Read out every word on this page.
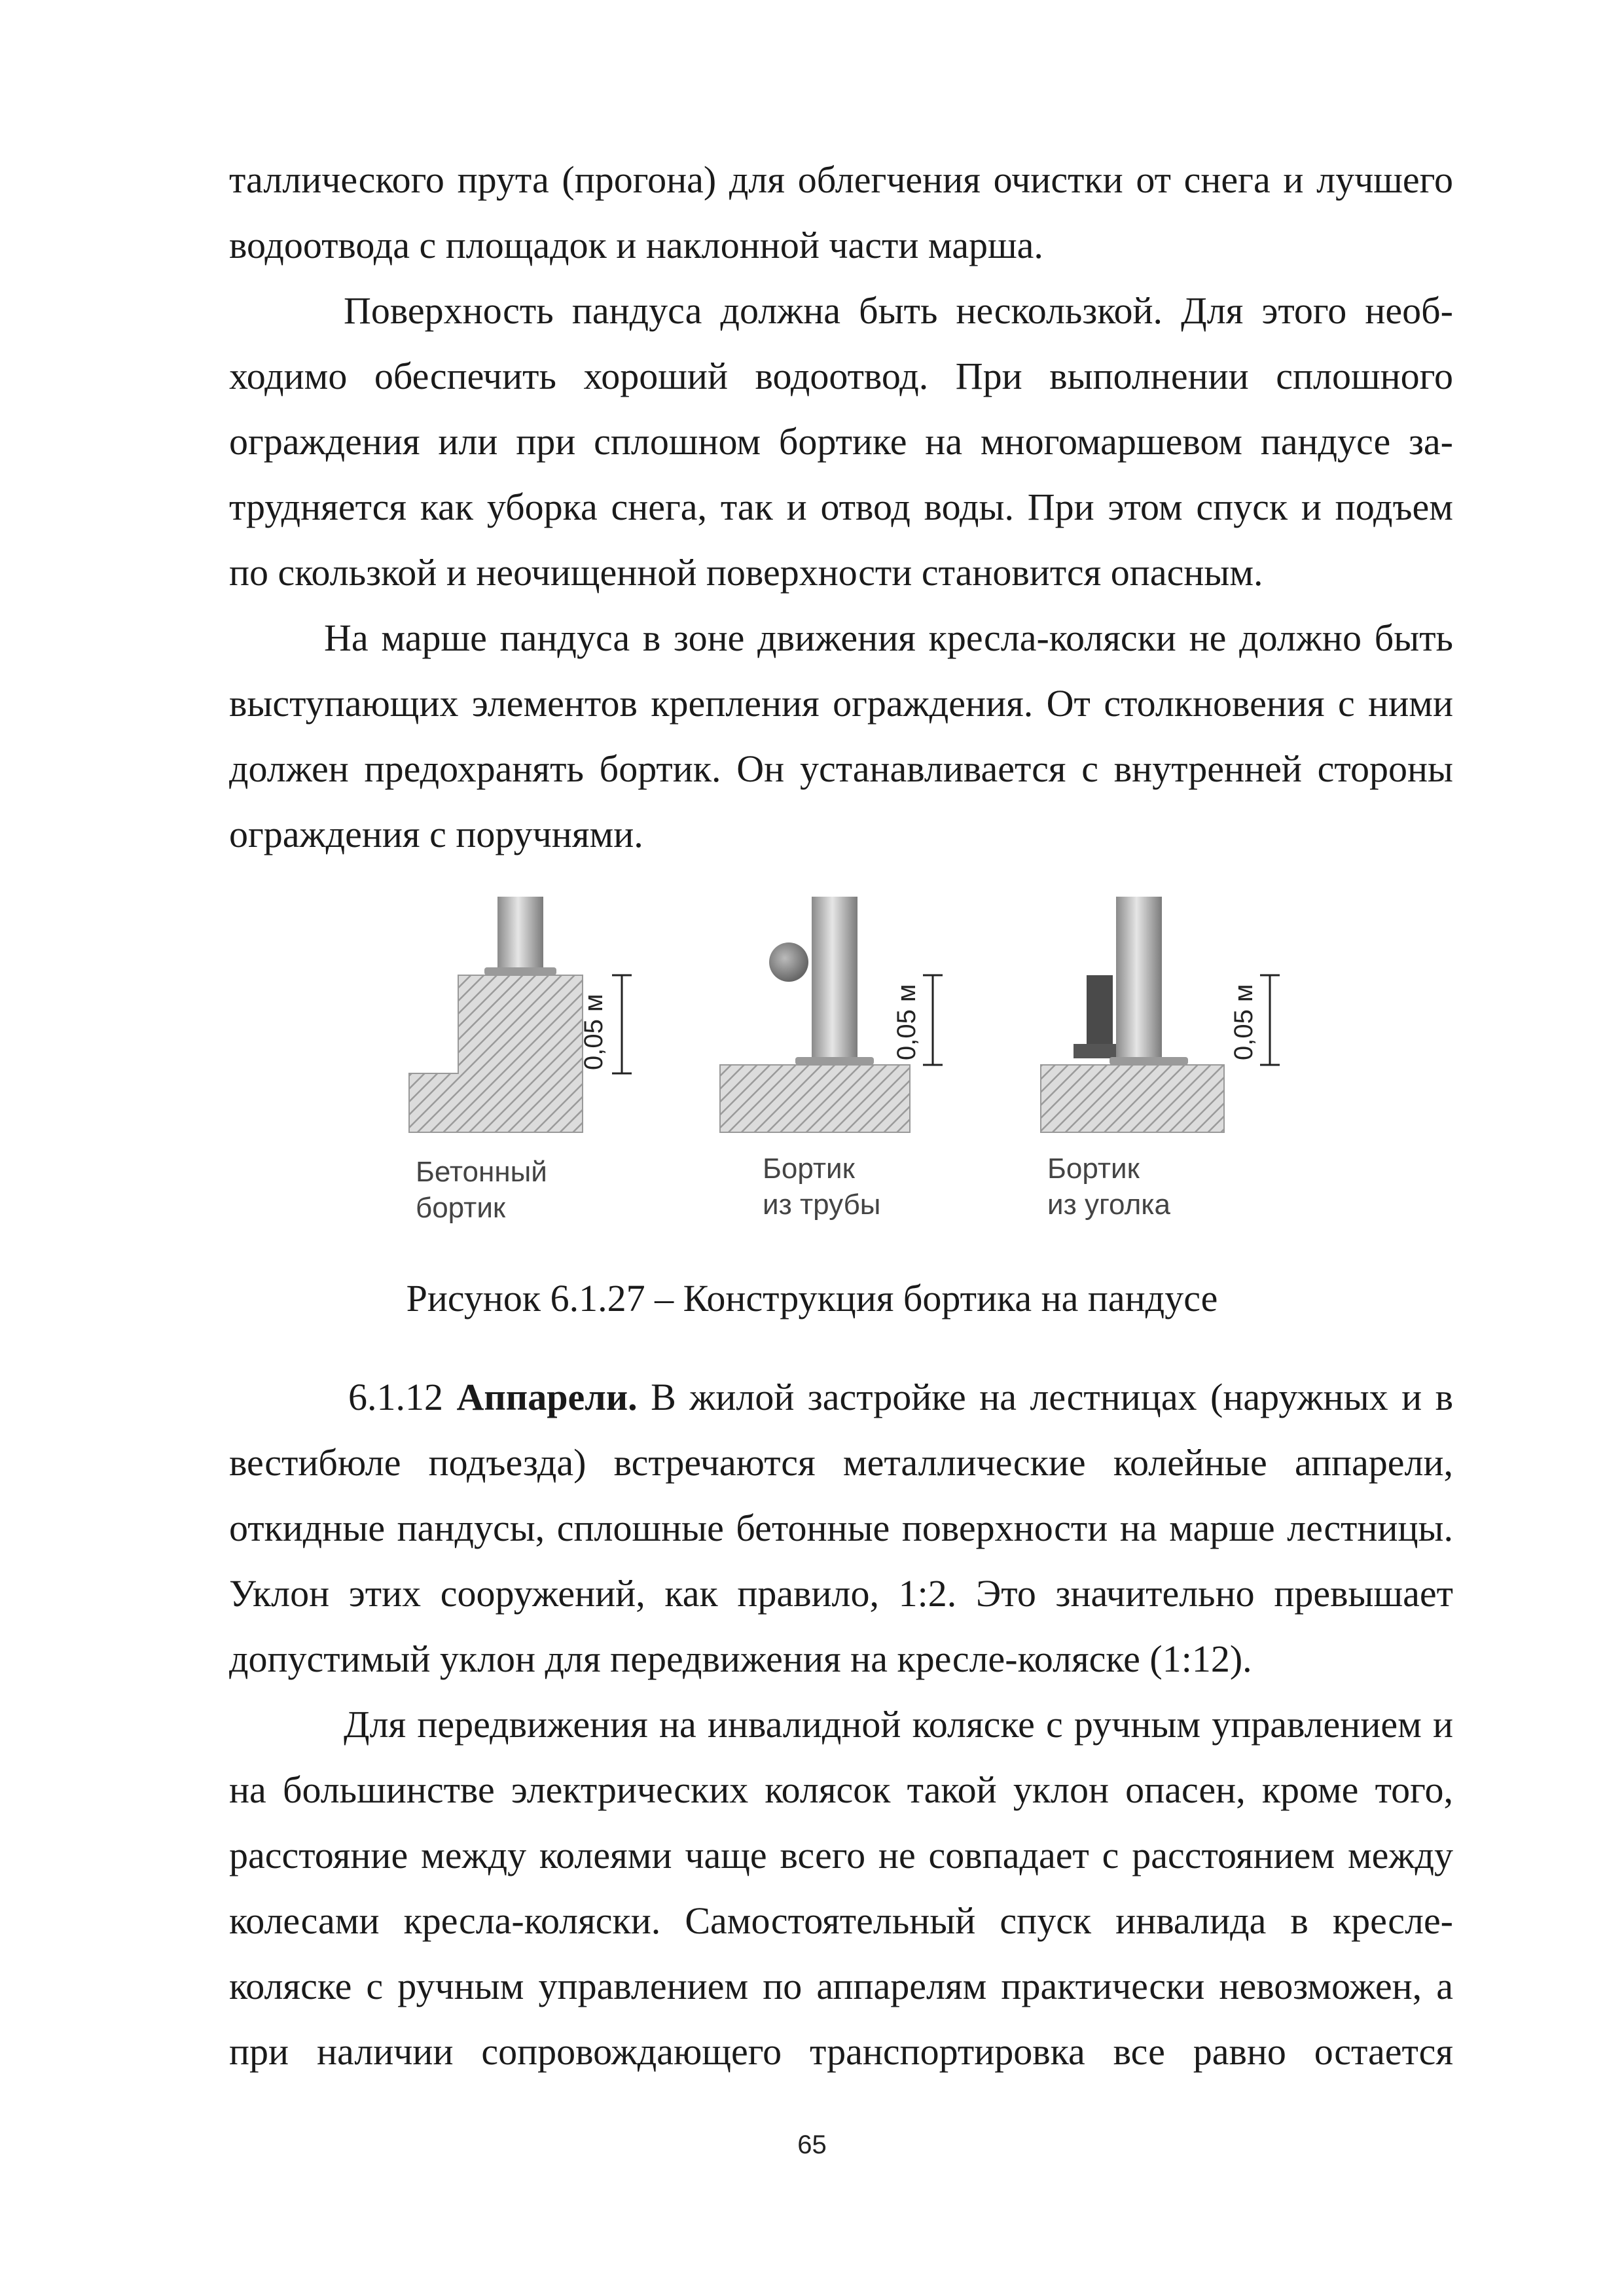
таллического прута (прогона) для облегчения очистки от снега и лучшего
водоотвода с площадок и наклонной части марша.
Поверхность пандуса должна быть нескользкой. Для этого необ-
ходимо обеспечить хороший водоотвод. При выполнении сплошного
ограждения или при сплошном бортике на многомаршевом пандусе за-
трудняется как уборка снега, так и отвод воды. При этом спуск и подъем
по скользкой и неочищенной поверхности становится опасным.
На марше пандуса в зоне движения кресла-коляски не должно быть
выступающих элементов крепления ограждения. От столкновения с ними
должен предохранять бортик. Он устанавливается с внутренней стороны
ограждения с поручнями.
0,05 м
Бетонный
бортик
0,05 м
Бортик
из трубы
0,05 м
Бортик
из уголка
Рисунок 6.1.27 – Конструкция бортика на пандусе
6.1.12 Аппарели. В жилой застройке на лестницах (наружных и в
вестибюле подъезда) встречаются металлические колейные аппарели,
откидные пандусы, сплошные бетонные поверхности на марше лестницы.
Уклон этих сооружений, как правило, 1:2. Это значительно превышает
допустимый уклон для передвижения на кресле-коляске (1:12).
Для передвижения на инвалидной коляске с ручным управлением и
на большинстве электрических колясок такой уклон опасен, кроме того,
расстояние между колеями чаще всего не совпадает с расстоянием между
колесами кресла-коляски. Самостоятельный спуск инвалида в кресле-
коляске с ручным управлением по аппарелям практически невозможен, а
при наличии сопровождающего транспортировка все равно остается
65
